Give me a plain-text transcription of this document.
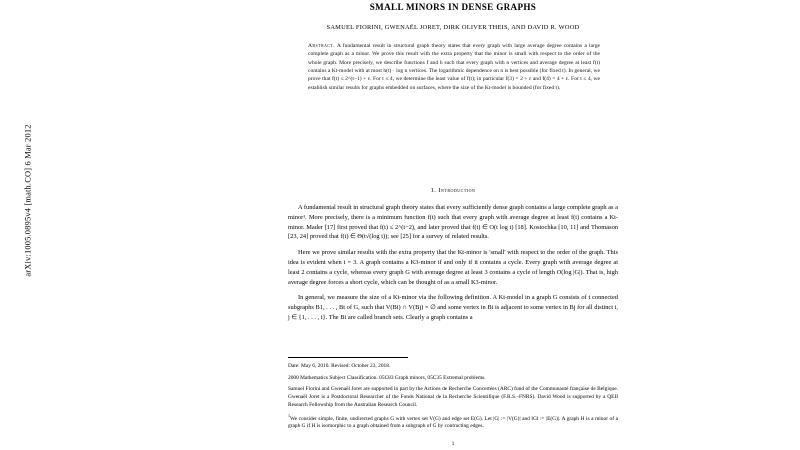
arXiv:1005.0895v4 [math.CO] 6 Mar 2012
SMALL MINORS IN DENSE GRAPHS
SAMUEL FIORINI, GWENAËL JORET, DIRK OLIVER THEIS, AND DAVID R. WOOD
Abstract. A fundamental result in structural graph theory states that every graph with large average degree contains a large complete graph as a minor. We prove this result with the extra property that the minor is small with respect to the order of the whole graph. More precisely, we describe functions f and h such that every graph with n vertices and average degree at least f(t) contains a Kt-model with at most h(t) · log n vertices. The logarithmic dependence on n is best possible (for fixed t). In general, we prove that f(t) ≤ 2^(t−1) + ε. For t ≤ 4, we determine the least value of f(t); in particular f(3) = 2 + ε and f(4) = 4 + ε. For t ≤ 4, we establish similar results for graphs embedded on surfaces, where the size of the Kt-model is bounded (for fixed t).
1. Introduction

A fundamental result in structural graph theory states that every sufficiently dense graph contains a large complete graph as a minor¹. More precisely, there is a minimum function f(t) such that every graph with average degree at least f(t) contains a Kt-minor. Mader [17] first proved that f(t) ≤ 2^(t−2), and later proved that f(t) ∈ O(t log t) [18]. Kostochka [10, 11] and Thomason [23, 24] proved that f(t) ∈ Θ(t√(log t)); see [25] for a survey of related results.

Here we prove similar results with the extra property that the Kt-minor is 'small' with respect to the order of the graph. This idea is evident when t = 3. A graph contains a K3-minor if and only if it contains a cycle. Every graph with average degree at least 2 contains a cycle, whereas every graph G with average degree at least 3 contains a cycle of length O(log |G|). That is, high average degree forces a short cycle, which can be thought of as a small K3-minor.

In general, we measure the size of a Kt-minor via the following definition. A Kt-model in a graph G consists of t connected subgraphs B1, . . . , Bt of G, such that V(Bi) ∩ V(Bj) = ∅ and some vertex in Bi is adjacent to some vertex in Bj for all distinct i, j ∈ {1, . . . , t}. The Bi are called branch sets. Clearly a graph contains a

Date: May 6, 2010. Revised: October 23, 2018.

2000 Mathematics Subject Classification. 05C83 Graph minors, 05C35 Extremal problems.

Samuel Fiorini and Gwenaël Joret are supported in part by the Actions de Recherche Concertées (ARC) fund of the Communauté française de Belgique. Gwenaël Joret is a Postdoctoral Researcher of the Fonds National de la Recherche Scientifique (F.R.S.–FNRS). David Wood is supported by a QEII Research Fellowship from the Australian Research Council.

$^1$We consider simple, finite, undirected graphs G with vertex set V(G) and edge set E(G). Let |G| := |V(G)| and ‖G‖ := |E(G)|. A graph H is a minor of a graph G if H is isomorphic to a graph obtained from a subgraph of G by contracting edges.

1
